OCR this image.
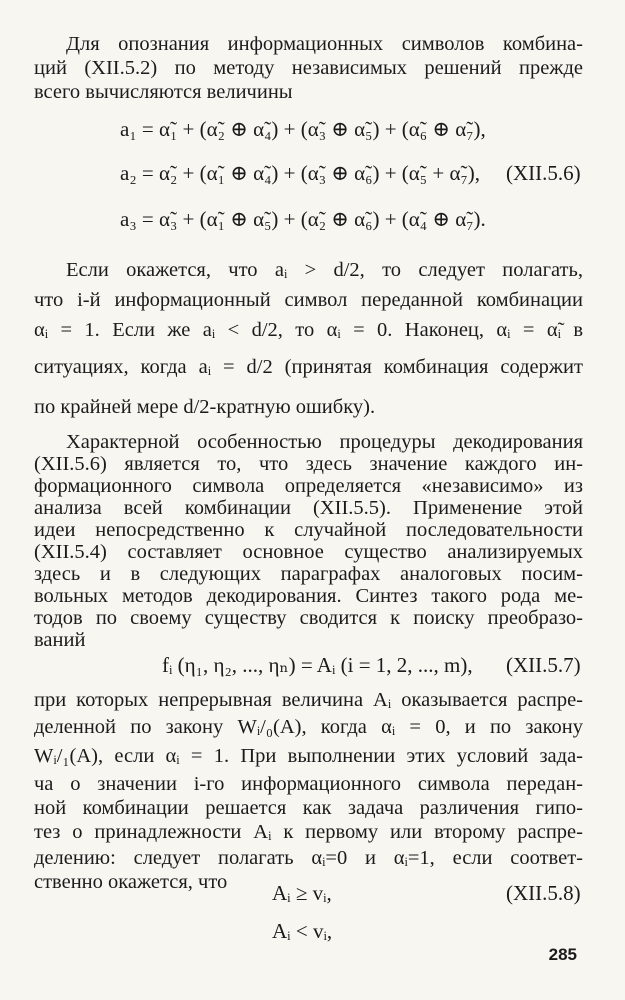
Для опознания информационных символов комбина-

ций (XII.5.2) по методу независимых решений прежде

всего вычисляются величины

a₁ = α̃₁ + (α̃₂ ⊕ α̃₄) + (α̃₃ ⊕ α̃₅) + (α̃₆ ⊕ α̃₇),
a₂ = α̃₂ + (α̃₁ ⊕ α̃₄) + (α̃₃ ⊕ α̃₆) + (α̃₅ + α̃₇), (XII.5.6)
a₃ = α̃₃ + (α̃₁ ⊕ α̃₅) + (α̃₂ ⊕ α̃₆) + (α̃₄ ⊕ α̃₇).

Если окажется, что aᵢ > d/2, то следует полагать,

что i-й информационный символ переданной комбинации

αᵢ = 1. Если же aᵢ < d/2, то αᵢ = 0. Наконец, αᵢ = α̃ᵢ в

ситуациях, когда aᵢ = d/2 (принятая комбинация содержит

по крайней мере d/2-кратную ошибку).

Характерной особенностью процедуры декодирования

(XII.5.6) является то, что здесь значение каждого ин-

формационного символа определяется «независимо» из

анализа всей комбинации (XII.5.5). Применение этой

идеи непосредственно к случайной последовательности

(XII.5.4) составляет основное существо анализируемых

здесь и в следующих параграфах аналоговых посим-

вольных методов декодирования. Синтез такого рода ме-

тодов по своему существу сводится к поиску преобразо-

ваний

fᵢ (η₁, η₂, ..., ηₙ) = Aᵢ (i = 1, 2, ..., m), (XII.5.7)

при которых непрерывная величина Aᵢ оказывается распре-

деленной по закону Wᵢ/₀(A), когда αᵢ = 0, и по закону

Wᵢ/₁(A), если αᵢ = 1. При выполнении этих условий зада-

ча о значении i-го информационного символа передан-

ной комбинации решается как задача различения гипо-

тез о принадлежности Aᵢ к первому или второму распре-

делению: следует полагать αᵢ=0 и αᵢ=1, если соответ-

ственно окажется, что	Aᵢ ≥ vᵢ,	(XII.5.8)
Aᵢ < vᵢ,
285
